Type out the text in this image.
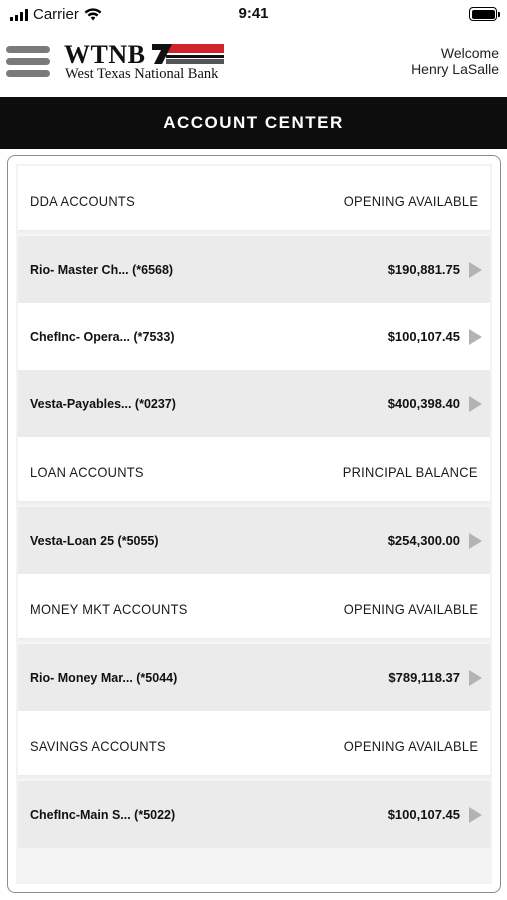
Carrier	9:41
WTNB
West Texas National Bank
Welcome
Henry LaSalle
ACCOUNT CENTER
DDA ACCOUNTS	OPENING AVAILABLE
Rio- Master Ch... (*6568)	$190,881.75
ChefInc- Opera... (*7533)	$100,107.45
Vesta-Payables... (*0237)	$400,398.40
LOAN ACCOUNTS	PRINCIPAL BALANCE
Vesta-Loan 25 (*5055)	$254,300.00
MONEY MKT ACCOUNTS	OPENING AVAILABLE
Rio- Money Mar... (*5044)	$789,118.37
SAVINGS ACCOUNTS	OPENING AVAILABLE
ChefInc-Main S... (*5022)	$100,107.45
